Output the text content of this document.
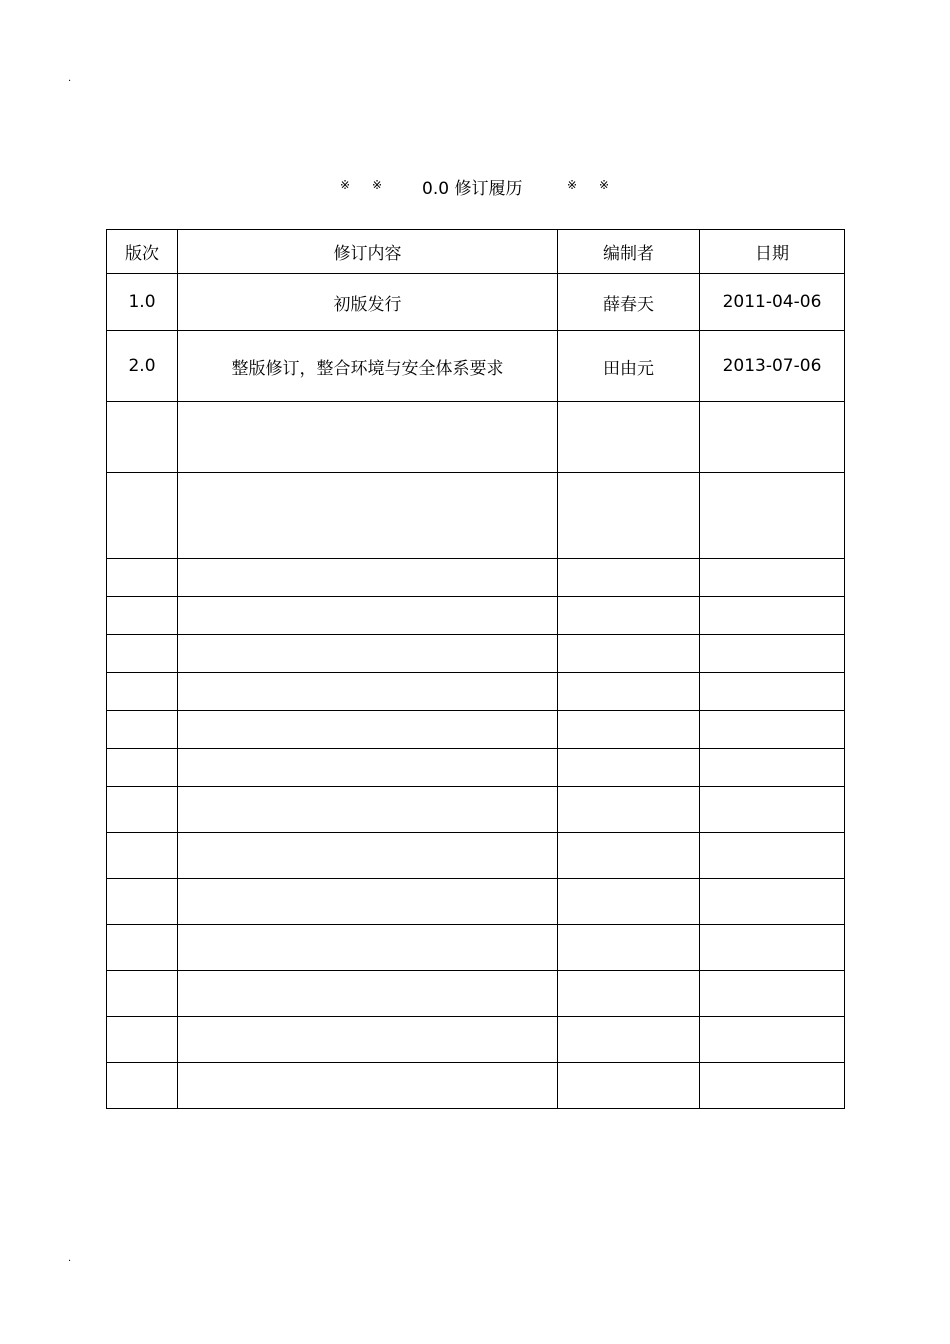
.
※ ※ 0.0 修订履历	※ ※
版次	修订内容	编制者	日期
1.0	初版发行	薛春天	2011-04-06
2.0	整版修订，整合环境与安全体系要求	田由元	2013-07-06

.
